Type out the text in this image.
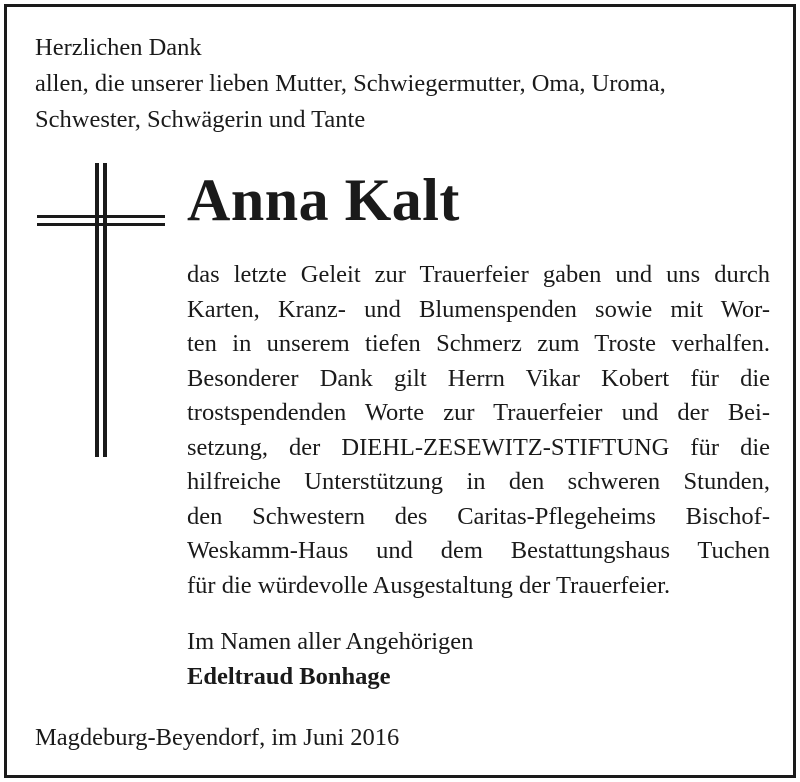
Herzlichen Dank
allen, die unserer lieben Mutter, Schwiegermutter, Oma, Uroma,
Schwester, Schwägerin und Tante
Anna Kalt
das letzte Geleit zur Trauerfeier gaben und uns durch
Karten, Kranz- und Blumenspenden sowie mit Wor-
ten in unserem tiefen Schmerz zum Troste verhalfen.
Besonderer Dank gilt Herrn Vikar Kobert für die
trostspendenden Worte zur Trauerfeier und der Bei-
setzung, der DIEHL-ZESEWITZ-STIFTUNG für die
hilfreiche Unterstützung in den schweren Stunden,
den Schwestern des Caritas-Pflegeheims Bischof-
Weskamm-Haus und dem Bestattungshaus Tuchen
für die würdevolle Ausgestaltung der Trauerfeier.
Im Namen aller Angehörigen
Edeltraud Bonhage
Magdeburg-Beyendorf, im Juni 2016
